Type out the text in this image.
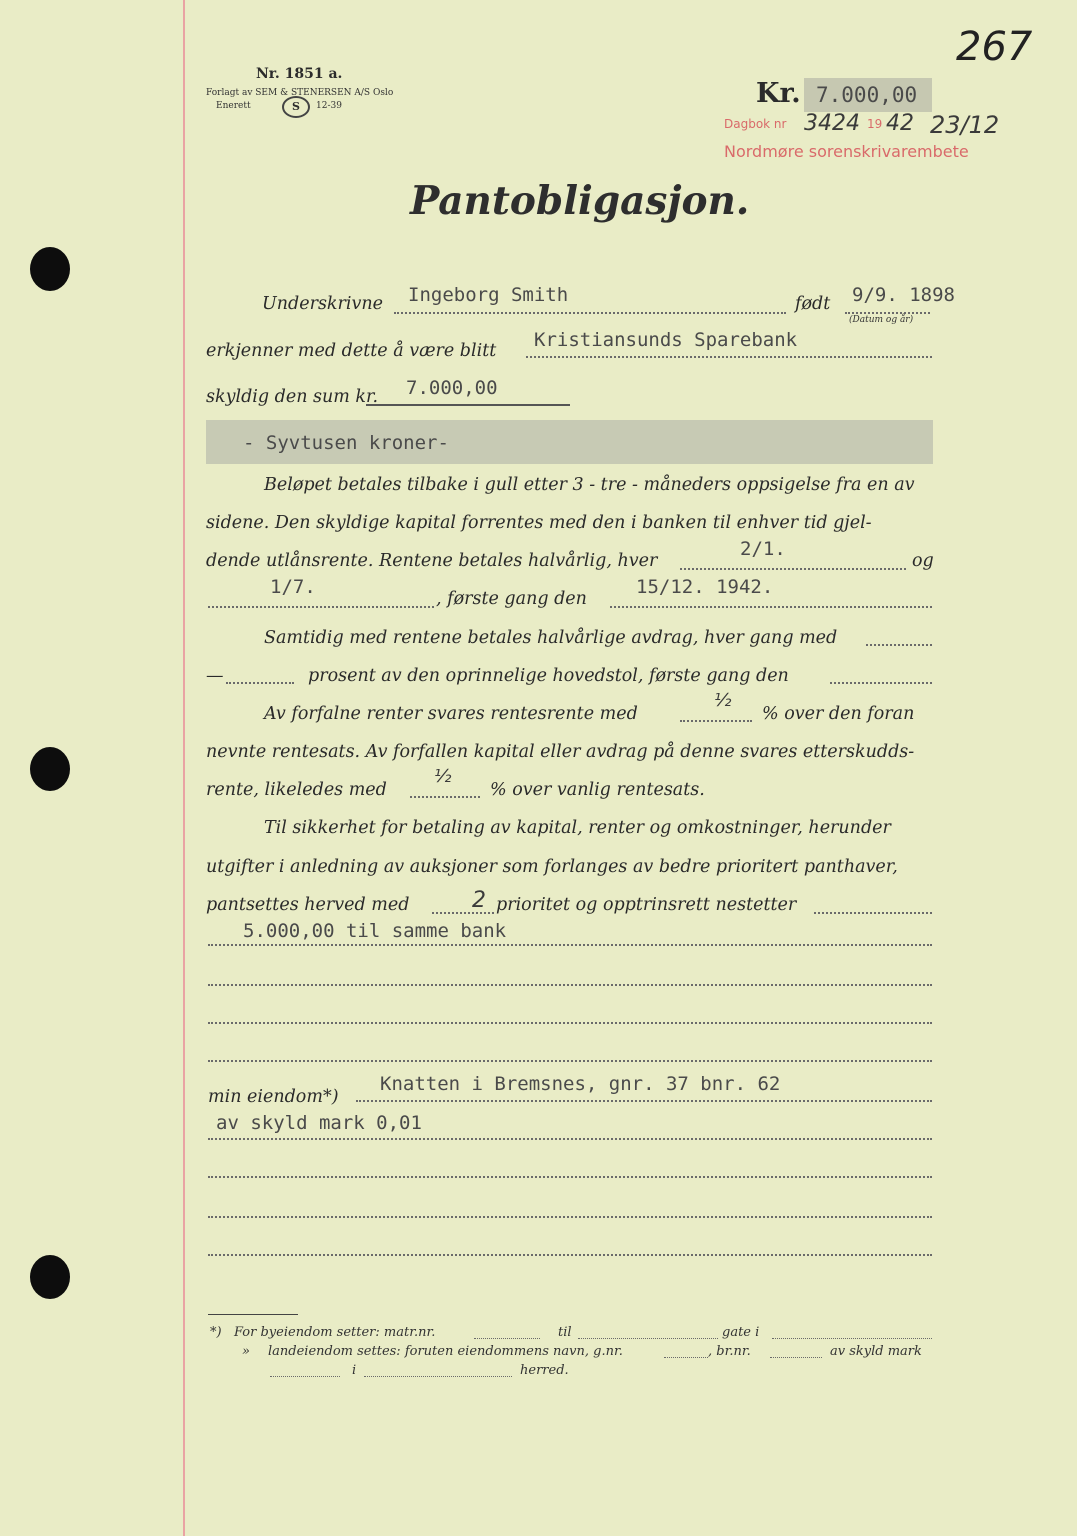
Nr. 1851 a.
Forlagt av SEM & STENERSEN A/S Oslo
Enerett	S	12-39
267
Kr. 7.000,00
Dagbok nr 3424 19 42 23/12
Nordmøre sorenskrivarembete
Pantobligasjon.
Underskrivne Ingeborg Smith	født 9/9. 1898
(Datum og år)
erkjenner med dette å være blitt Kristiansunds Sparebank
skyldig den sum kr. 7.000,00
- Syvtusen kroner-
Beløpet betales tilbake i gull etter 3 - tre - måneders oppsigelse fra en av
sidene. Den skyldige kapital forrentes med den i banken til enhver tid gjel-
dende utlånsrente. Rentene betales halvårlig, hver
2/1.
og
1/7.
, første gang den
15/12. 1942.
Samtidig med rentene betales halvårlige avdrag, hver gang med
—	prosent av den oprinnelige hovedstol, første gang den
Av forfalne renter svares rentesrente med
½
% over den foran
nevnte rentesats. Av forfallen kapital eller avdrag på denne svares etterskudds-
rente, likeledes med
½
% over vanlig rentesats.
Til sikkerhet for betaling av kapital, renter og omkostninger, herunder
utgifter i anledning av auksjoner som forlanges av bedre prioritert panthaver,
pantsettes herved med	2 prioritet og opptrinsrett nestetter
5.000,00 til samme bank
min eiendom*)
Knatten i Bremsnes, gnr. 37 bnr. 62
av skyld mark 0,01
*) For byeiendom setter: matr.nr.	til	gate i
» landeiendom settes: foruten eiendommens navn, g.nr.	, br.nr.	av skyld mark
i	herred.
